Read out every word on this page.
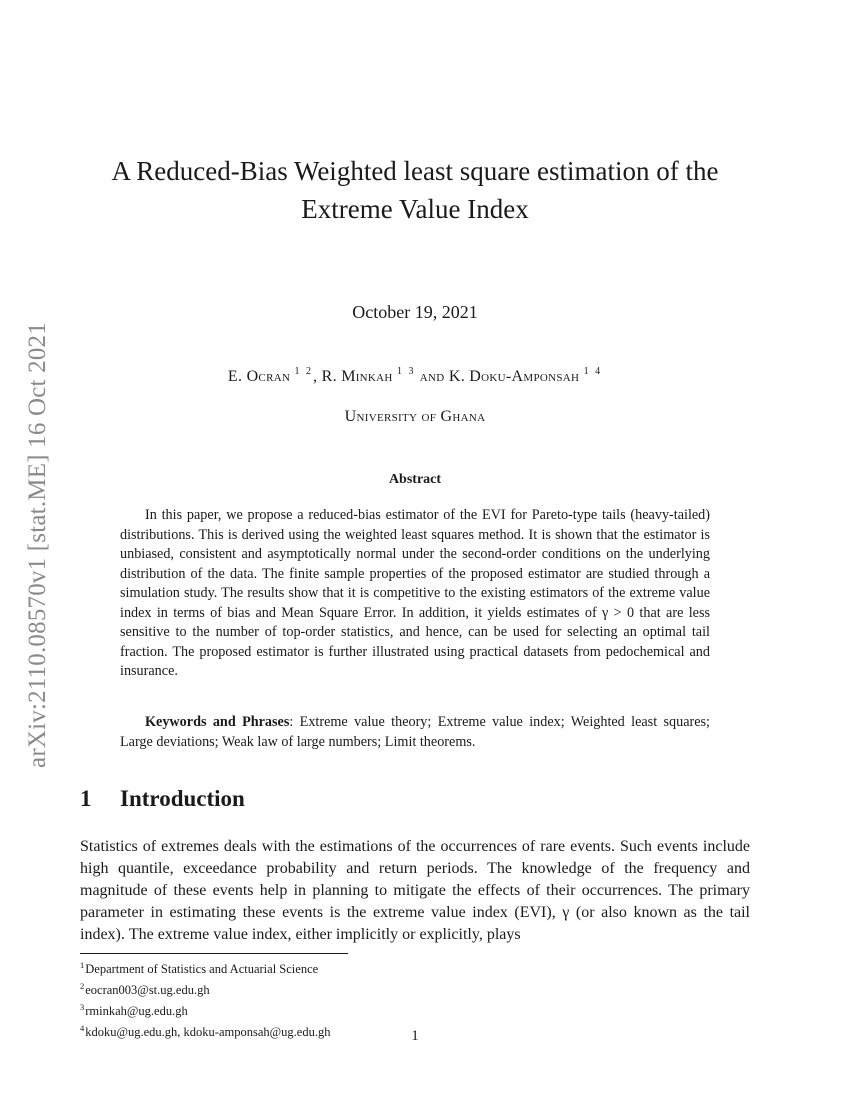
arXiv:2110.08570v1 [stat.ME] 16 Oct 2021
A Reduced-Bias Weighted least square estimation of the
Extreme Value Index
October 19, 2021
E. Ocran $^{1 2}$, R. Minkah $^{1 3}$ and K. Doku-Amponsah $^{1 4}$
University of Ghana
Abstract

In this paper, we propose a reduced-bias estimator of the EVI for Pareto-type tails (heavy-tailed) distributions. This is derived using the weighted least squares method. It is shown that the estimator is unbiased, consistent and asymptotically normal under the second-order conditions on the underlying distribution of the data. The finite sample properties of the proposed estimator are studied through a simulation study. The results show that it is competitive to the existing estimators of the extreme value index in terms of bias and Mean Square Error. In addition, it yields estimates of γ > 0 that are less sensitive to the number of top-order statistics, and hence, can be used for selecting an optimal tail fraction. The proposed estimator is further illustrated using practical datasets from pedochemical and insurance.

Keywords and Phrases: Extreme value theory; Extreme value index; Weighted least squares; Large deviations; Weak law of large numbers; Limit theorems.

1 Introduction

Statistics of extremes deals with the estimations of the occurrences of rare events. Such events include high quantile, exceedance probability and return periods. The knowledge of the frequency and magnitude of these events help in planning to mitigate the effects of their occurrences. The primary parameter in estimating these events is the extreme value index (EVI), γ (or also known as the tail index). The extreme value index, either implicitly or explicitly, plays

$^1$Department of Statistics and Actuarial Science
$^2$eocran003@st.ug.edu.gh
$^3$rminkah@ug.edu.gh
$^4$kdoku@ug.edu.gh, kdoku-amponsah@ug.edu.gh	1
